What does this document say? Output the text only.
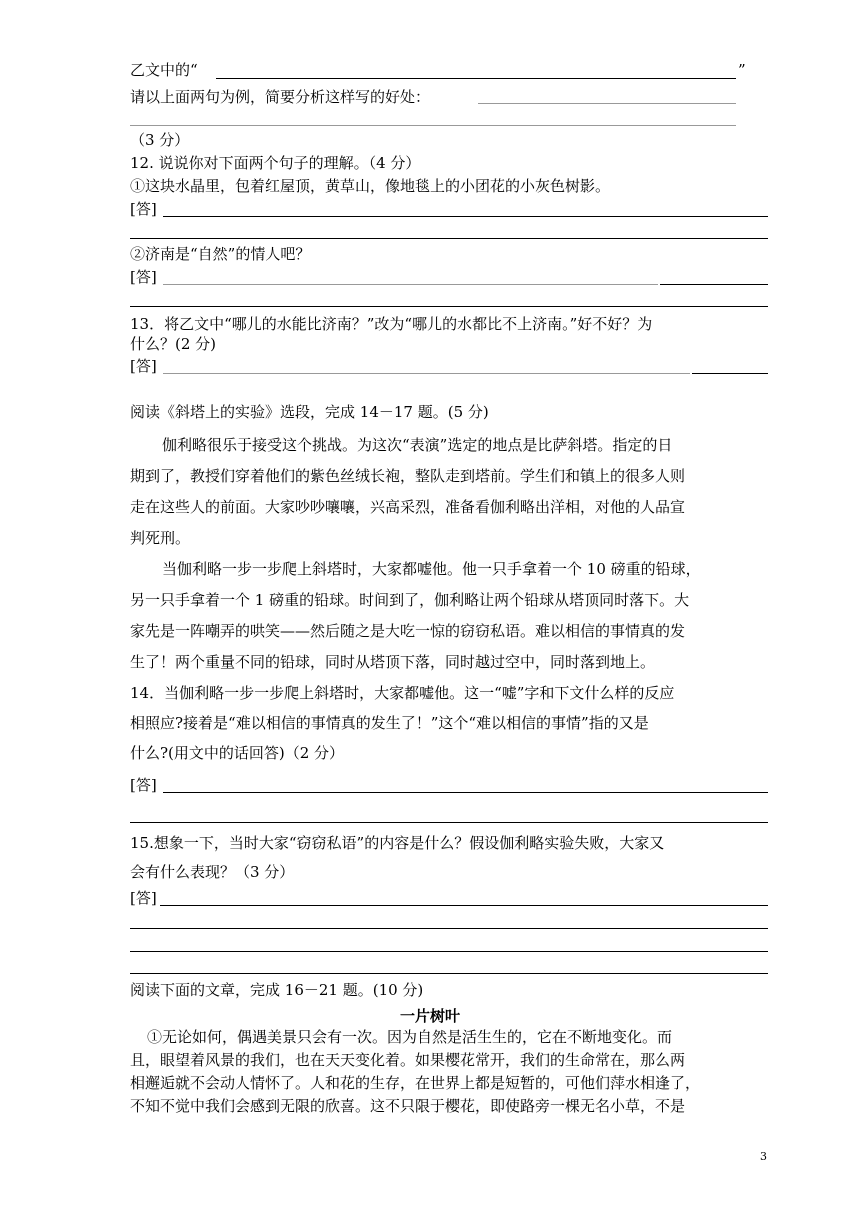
乙文中的“	”
请以上面两句为例，简要分析这样写的好处：
（3 分）
12. 说说你对下面两个句子的理解。（4 分）
①这块水晶里，包着红屋顶，黄草山，像地毯上的小团花的小灰色树影。
[答]
②济南是“自然”的情人吧？
[答]
13．将乙文中“哪儿的水能比济南？”改为“哪儿的水都比不上济南。”好不好？为
什么？(2 分)
[答]
阅读《斜塔上的实验》选段，完成 14－17 题。(5 分)
伽利略很乐于接受这个挑战。为这次“表演”选定的地点是比萨斜塔。指定的日
期到了，教授们穿着他们的紫色丝绒长袍，整队走到塔前。学生们和镇上的很多人则
走在这些人的前面。大家吵吵嚷嚷，兴高采烈，准备看伽利略出洋相，对他的人品宣
判死刑。
当伽利略一步一步爬上斜塔时，大家都嘘他。他一只手拿着一个 10 磅重的铅球，
另一只手拿着一个 1 磅重的铅球。时间到了，伽利略让两个铅球从塔顶同时落下。大
家先是一阵嘲弄的哄笑——然后随之是大吃一惊的窃窃私语。难以相信的事情真的发
生了！两个重量不同的铅球，同时从塔顶下落，同时越过空中，同时落到地上。
14．当伽利略一步一步爬上斜塔时，大家都嘘他。这一“嘘”字和下文什么样的反应
相照应?接着是“难以相信的事情真的发生了！”这个“难以相信的事情”指的又是
什么?(用文中的话回答)（2 分）
[答]
15.想象一下，当时大家“窃窃私语”的内容是什么？假设伽利略实验失败，大家又
会有什么表现？（3 分）
[答]
阅读下面的文章，完成 16－21 题。(10 分)
一片树叶
①无论如何，偶遇美景只会有一次。因为自然是活生生的，它在不断地变化。而
且，眼望着风景的我们，也在天天变化着。如果樱花常开，我们的生命常在，那么两
相邂逅就不会动人情怀了。人和花的生存，在世界上都是短暂的，可他们萍水相逢了，
不知不觉中我们会感到无限的欣喜。这不只限于樱花，即使路旁一棵无名小草，不是
3
